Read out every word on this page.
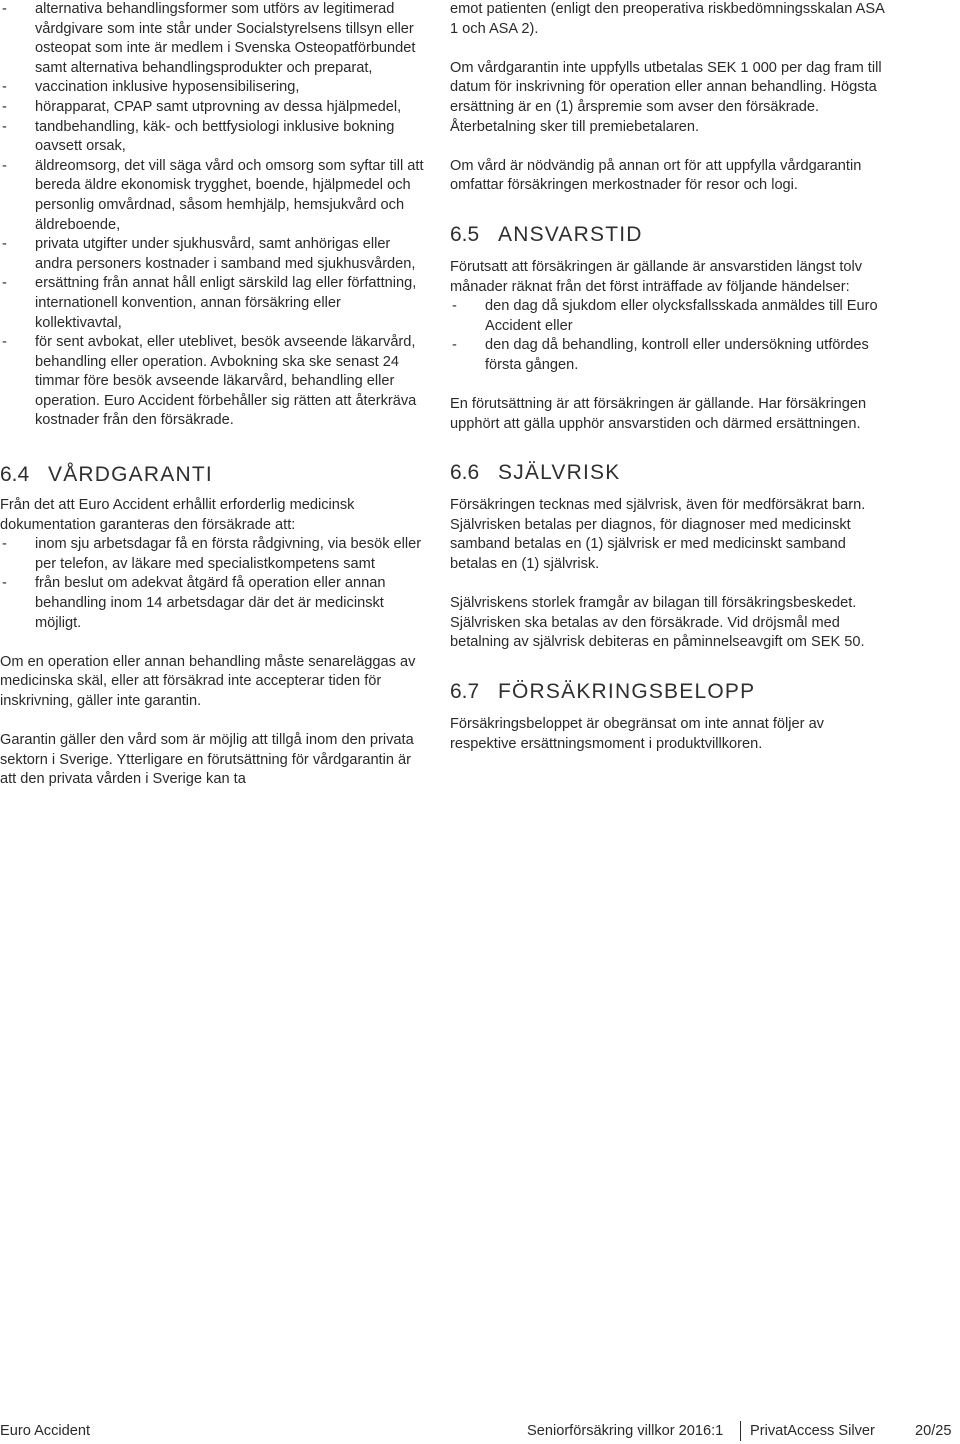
- alternativa behandlingsformer som utförs av legitimerad vårdgivare som inte står under Socialstyrelsens tillsyn eller osteopat som inte är medlem i Svenska Osteopatförbundet samt alternativa behandlingsprodukter och preparat,
- vaccination inklusive hyposensibilisering,
- hörapparat, CPAP samt utprovning av dessa hjälpmedel,
- tandbehandling, käk- och bettfysiologi inklusive bokning oavsett orsak,
- äldreomsorg, det vill säga vård och omsorg som syftar till att bereda äldre ekonomisk trygghet, boende, hjälpmedel och personlig omvårdnad, såsom hemhjälp, hemsjukvård och äldreboende,
- privata utgifter under sjukhusvård, samt anhörigas eller andra personers kostnader i samband med sjukhusvården,
- ersättning från annat håll enligt särskild lag eller författning, internationell konvention, annan försäkring eller kollektivavtal,
- för sent avbokat, eller uteblivet, besök avseende läkarvård, behandling eller operation. Avbokning ska ske senast 24 timmar före besök avseende läkarvård, behandling eller operation. Euro Accident förbehåller sig rätten att återkräva kostnader från den försäkrade.
6.4 VÅRDGARANTI

Från det att Euro Accident erhållit erforderlig medicinsk dokumentation garanteras den försäkrade att:

- inom sju arbetsdagar få en första rådgivning, via besök eller per telefon, av läkare med specialistkompetens samt
- från beslut om adekvat åtgärd få operation eller annan behandling inom 14 arbetsdagar där det är medicinskt möjligt.

Om en operation eller annan behandling måste senareläggas av medicinska skäl, eller att försäkrad inte accepterar tiden för inskrivning, gäller inte garantin.

Garantin gäller den vård som är möjlig att tillgå inom den privata sektorn i Sverige. Ytterligare en förutsättning för vårdgarantin är att den privata vården i Sverige kan ta

emot patienten (enligt den preoperativa riskbedömningsskalan ASA 1 och ASA 2).

Om vårdgarantin inte uppfylls utbetalas SEK 1 000 per dag fram till datum för inskrivning för operation eller annan behandling. Högsta ersättning är en (1) årspremie som avser den försäkrade. Återbetalning sker till premiebetalaren.

Om vård är nödvändig på annan ort för att uppfylla vårdgarantin omfattar försäkringen merkostnader för resor och logi.

6.5 ANSVARSTID

Förutsatt att försäkringen är gällande är ansvarstiden längst tolv månader räknat från det först inträffade av följande händelser:

- den dag då sjukdom eller olycksfallsskada anmäldes till Euro Accident eller
- den dag då behandling, kontroll eller undersökning utfördes första gången.

En förutsättning är att försäkringen är gällande. Har försäkringen upphört att gälla upphör ansvarstiden och därmed ersättningen.

6.6 SJÄLVRISK

Försäkringen tecknas med självrisk, även för medförsäkrat barn. Självrisken betalas per diagnos, för diagnoser med medicinskt samband betalas en (1) självrisk er med medicinskt samband betalas en (1) självrisk.

Självriskens storlek framgår av bilagan till försäkringsbeskedet. Självrisken ska betalas av den försäkrade. Vid dröjsmål med betalning av självrisk debiteras en påminnelseavgift om SEK 50.

6.7 FÖRSÄKRINGSBELOPP

Försäkringsbeloppet är obegränsat om inte annat följer av respektive ersättningsmoment i produktvillkoren.

Euro Accident	Seniorförsäkring villkor 2016:1 PrivatAccess Silver	20/25
